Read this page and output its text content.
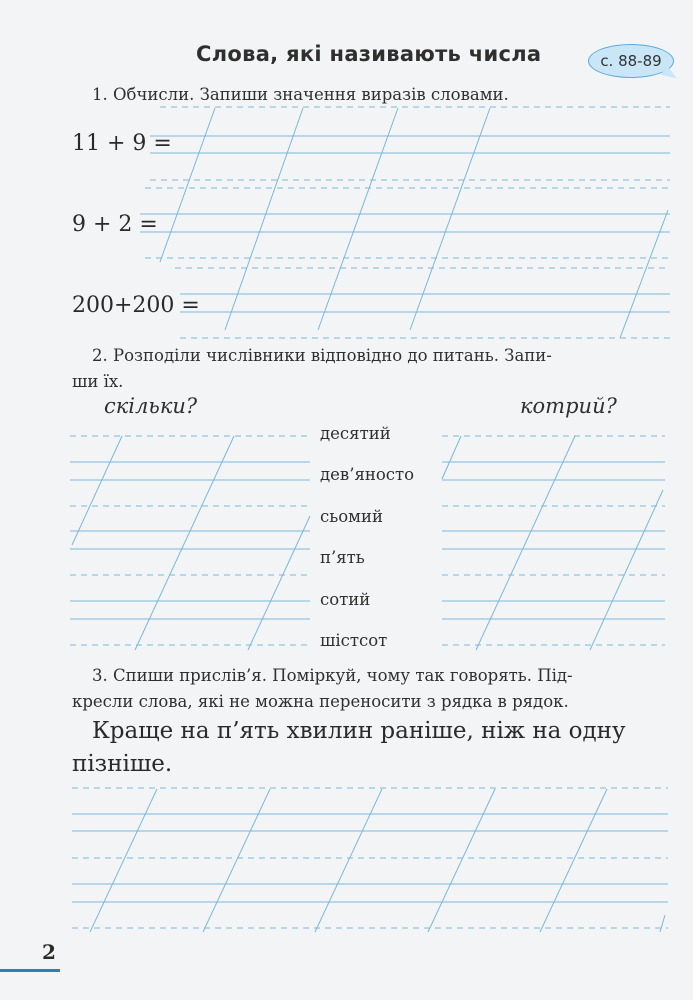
Слова, які називають числа	с. 88-89
1. Обчисли. Запиши значення виразів словами.
11 + 9 =
9 + 2 =
200+200 =
2. Розподіли числівники відповідно до питань. Запи-
ши їх.
скільки?	котрий?
десятий
дев’яносто
сьомий
п’ять
сотий
шістсот
3. Спиши прислів’я. Поміркуй, чому так говорять. Під-
кресли слова, які не можна переносити з рядка в рядок.
Краще на п’ять хвилин раніше, ніж на одну
пізніше.
2
